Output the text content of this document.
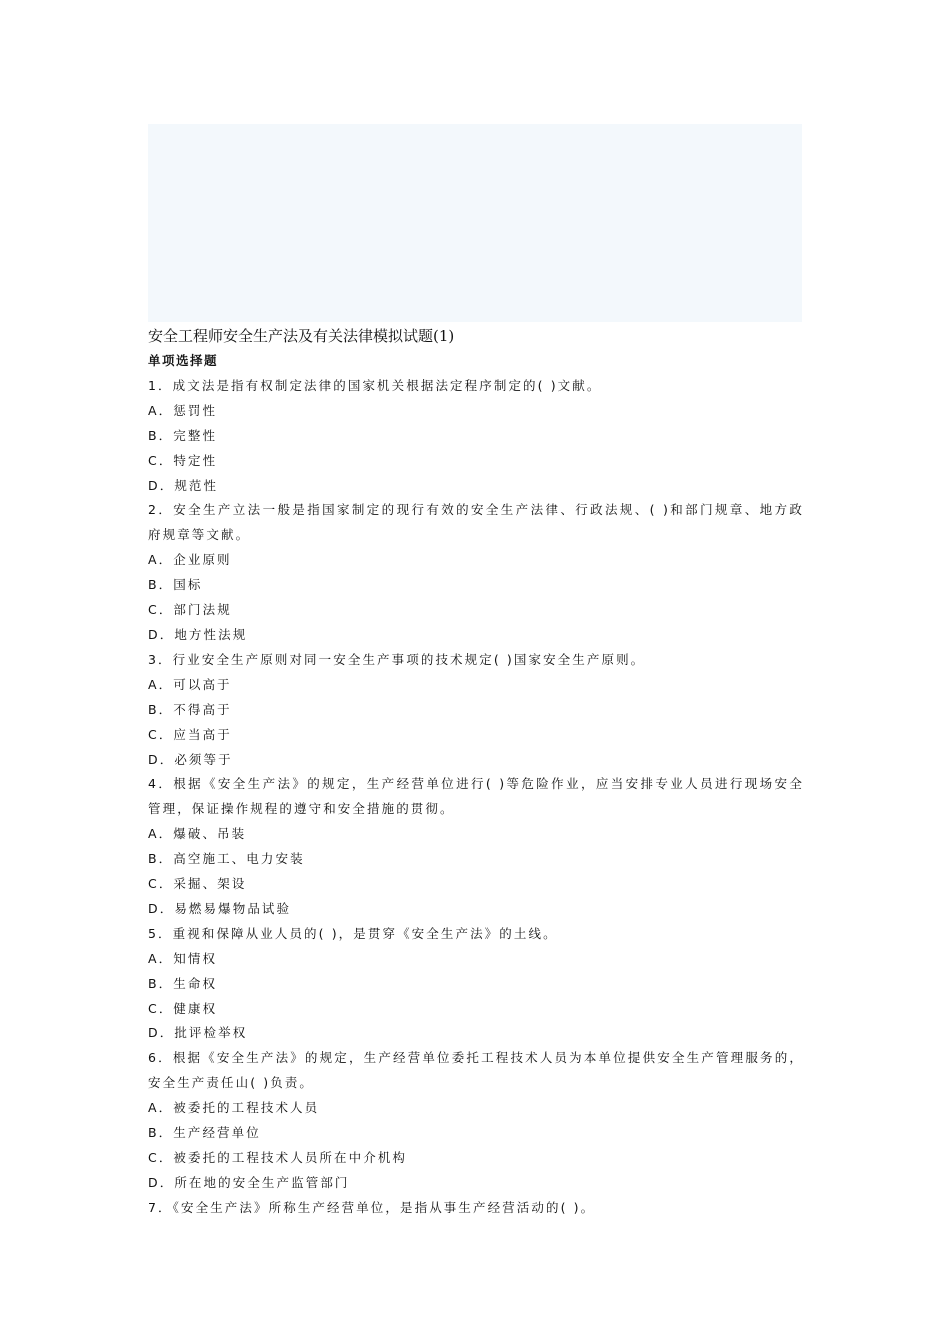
安全工程师安全生产法及有关法律模拟试题(1)
单项选择题
1．成文法是指有权制定法律的国家机关根据法定程序制定的( )文献。
A．惩罚性
B．完整性
C．特定性
D．规范性
2．安全生产立法一般是指国家制定的现行有效的安全生产法律、行政法规、( )和部门规章、地方政府规章等文献。
A．企业原则
B．国标
C．部门法规
D．地方性法规
3．行业安全生产原则对同一安全生产事项的技术规定( )国家安全生产原则。
A．可以高于
B．不得高于
C．应当高于
D．必须等于
4．根据《安全生产法》的规定，生产经营单位进行( )等危险作业，应当安排专业人员进行现场安全管理，保证操作规程的遵守和安全措施的贯彻。
A．爆破、吊装
B．高空施工、电力安装
C．采掘、架设
D．易燃易爆物品试验
5．重视和保障从业人员的( )，是贯穿《安全生产法》的土线。
A．知情权
B．生命权
C．健康权
D．批评检举权
6．根据《安全生产法》的规定，生产经营单位委托工程技术人员为本单位提供安全生产管理服务的，安全生产责任山( )负责。
A．被委托的工程技术人员
B．生产经营单位
C．被委托的工程技术人员所在中介机构
D．所在地的安全生产监管部门
7．《安全生产法》所称生产经营单位，是指从事生产经营活动的( )。
